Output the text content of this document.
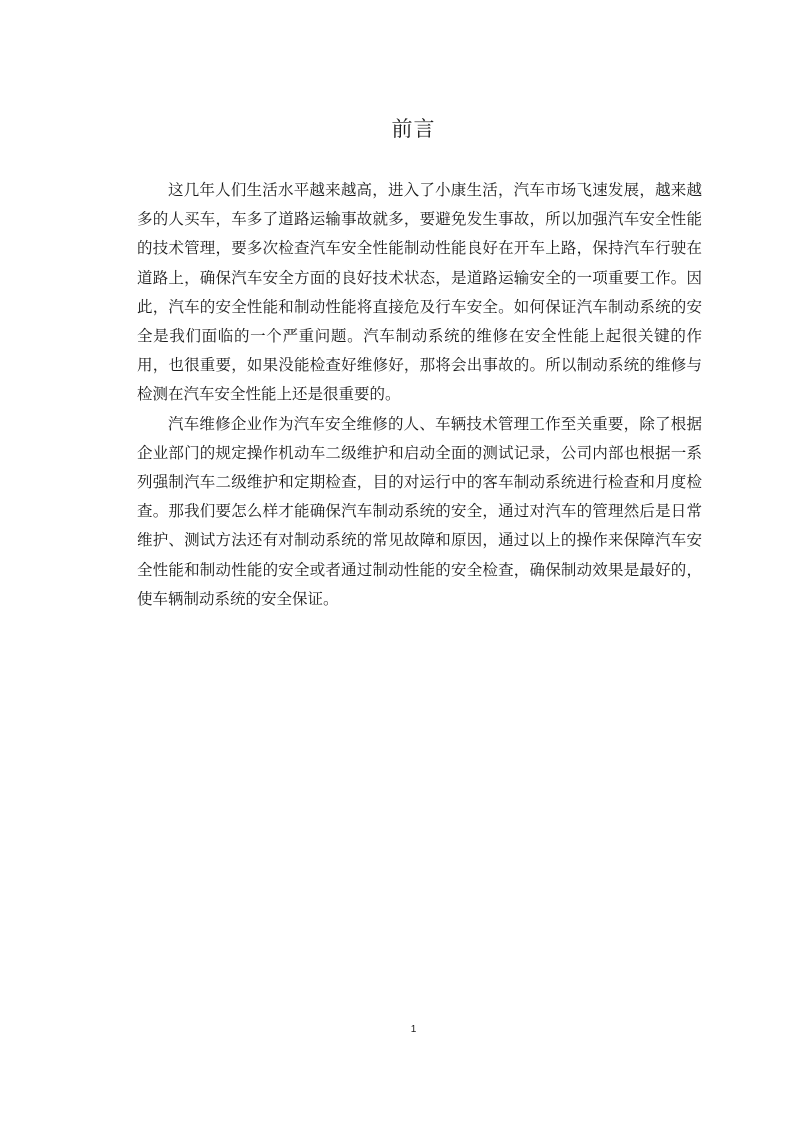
前言

这几年人们生活水平越来越高，进入了小康生活，汽车市场飞速发展，越来越多的人买车，车多了道路运输事故就多，要避免发生事故，所以加强汽车安全性能的技术管理，要多次检查汽车安全性能制动性能良好在开车上路，保持汽车行驶在道路上，确保汽车安全方面的良好技术状态，是道路运输安全的一项重要工作。因此，汽车的安全性能和制动性能将直接危及行车安全。如何保证汽车制动系统的安全是我们面临的一个严重问题。汽车制动系统的维修在安全性能上起很关键的作用，也很重要，如果没能检查好维修好，那将会出事故的。所以制动系统的维修与检测在汽车安全性能上还是很重要的。

汽车维修企业作为汽车安全维修的人、车辆技术管理工作至关重要，除了根据企业部门的规定操作机动车二级维护和启动全面的测试记录，公司内部也根据一系列强制汽车二级维护和定期检查，目的对运行中的客车制动系统进行检查和月度检查。那我们要怎么样才能确保汽车制动系统的安全，通过对汽车的管理然后是日常维护、测试方法还有对制动系统的常见故障和原因，通过以上的操作来保障汽车安全性能和制动性能的安全或者通过制动性能的安全检查，确保制动效果是最好的，使车辆制动系统的安全保证。

1
